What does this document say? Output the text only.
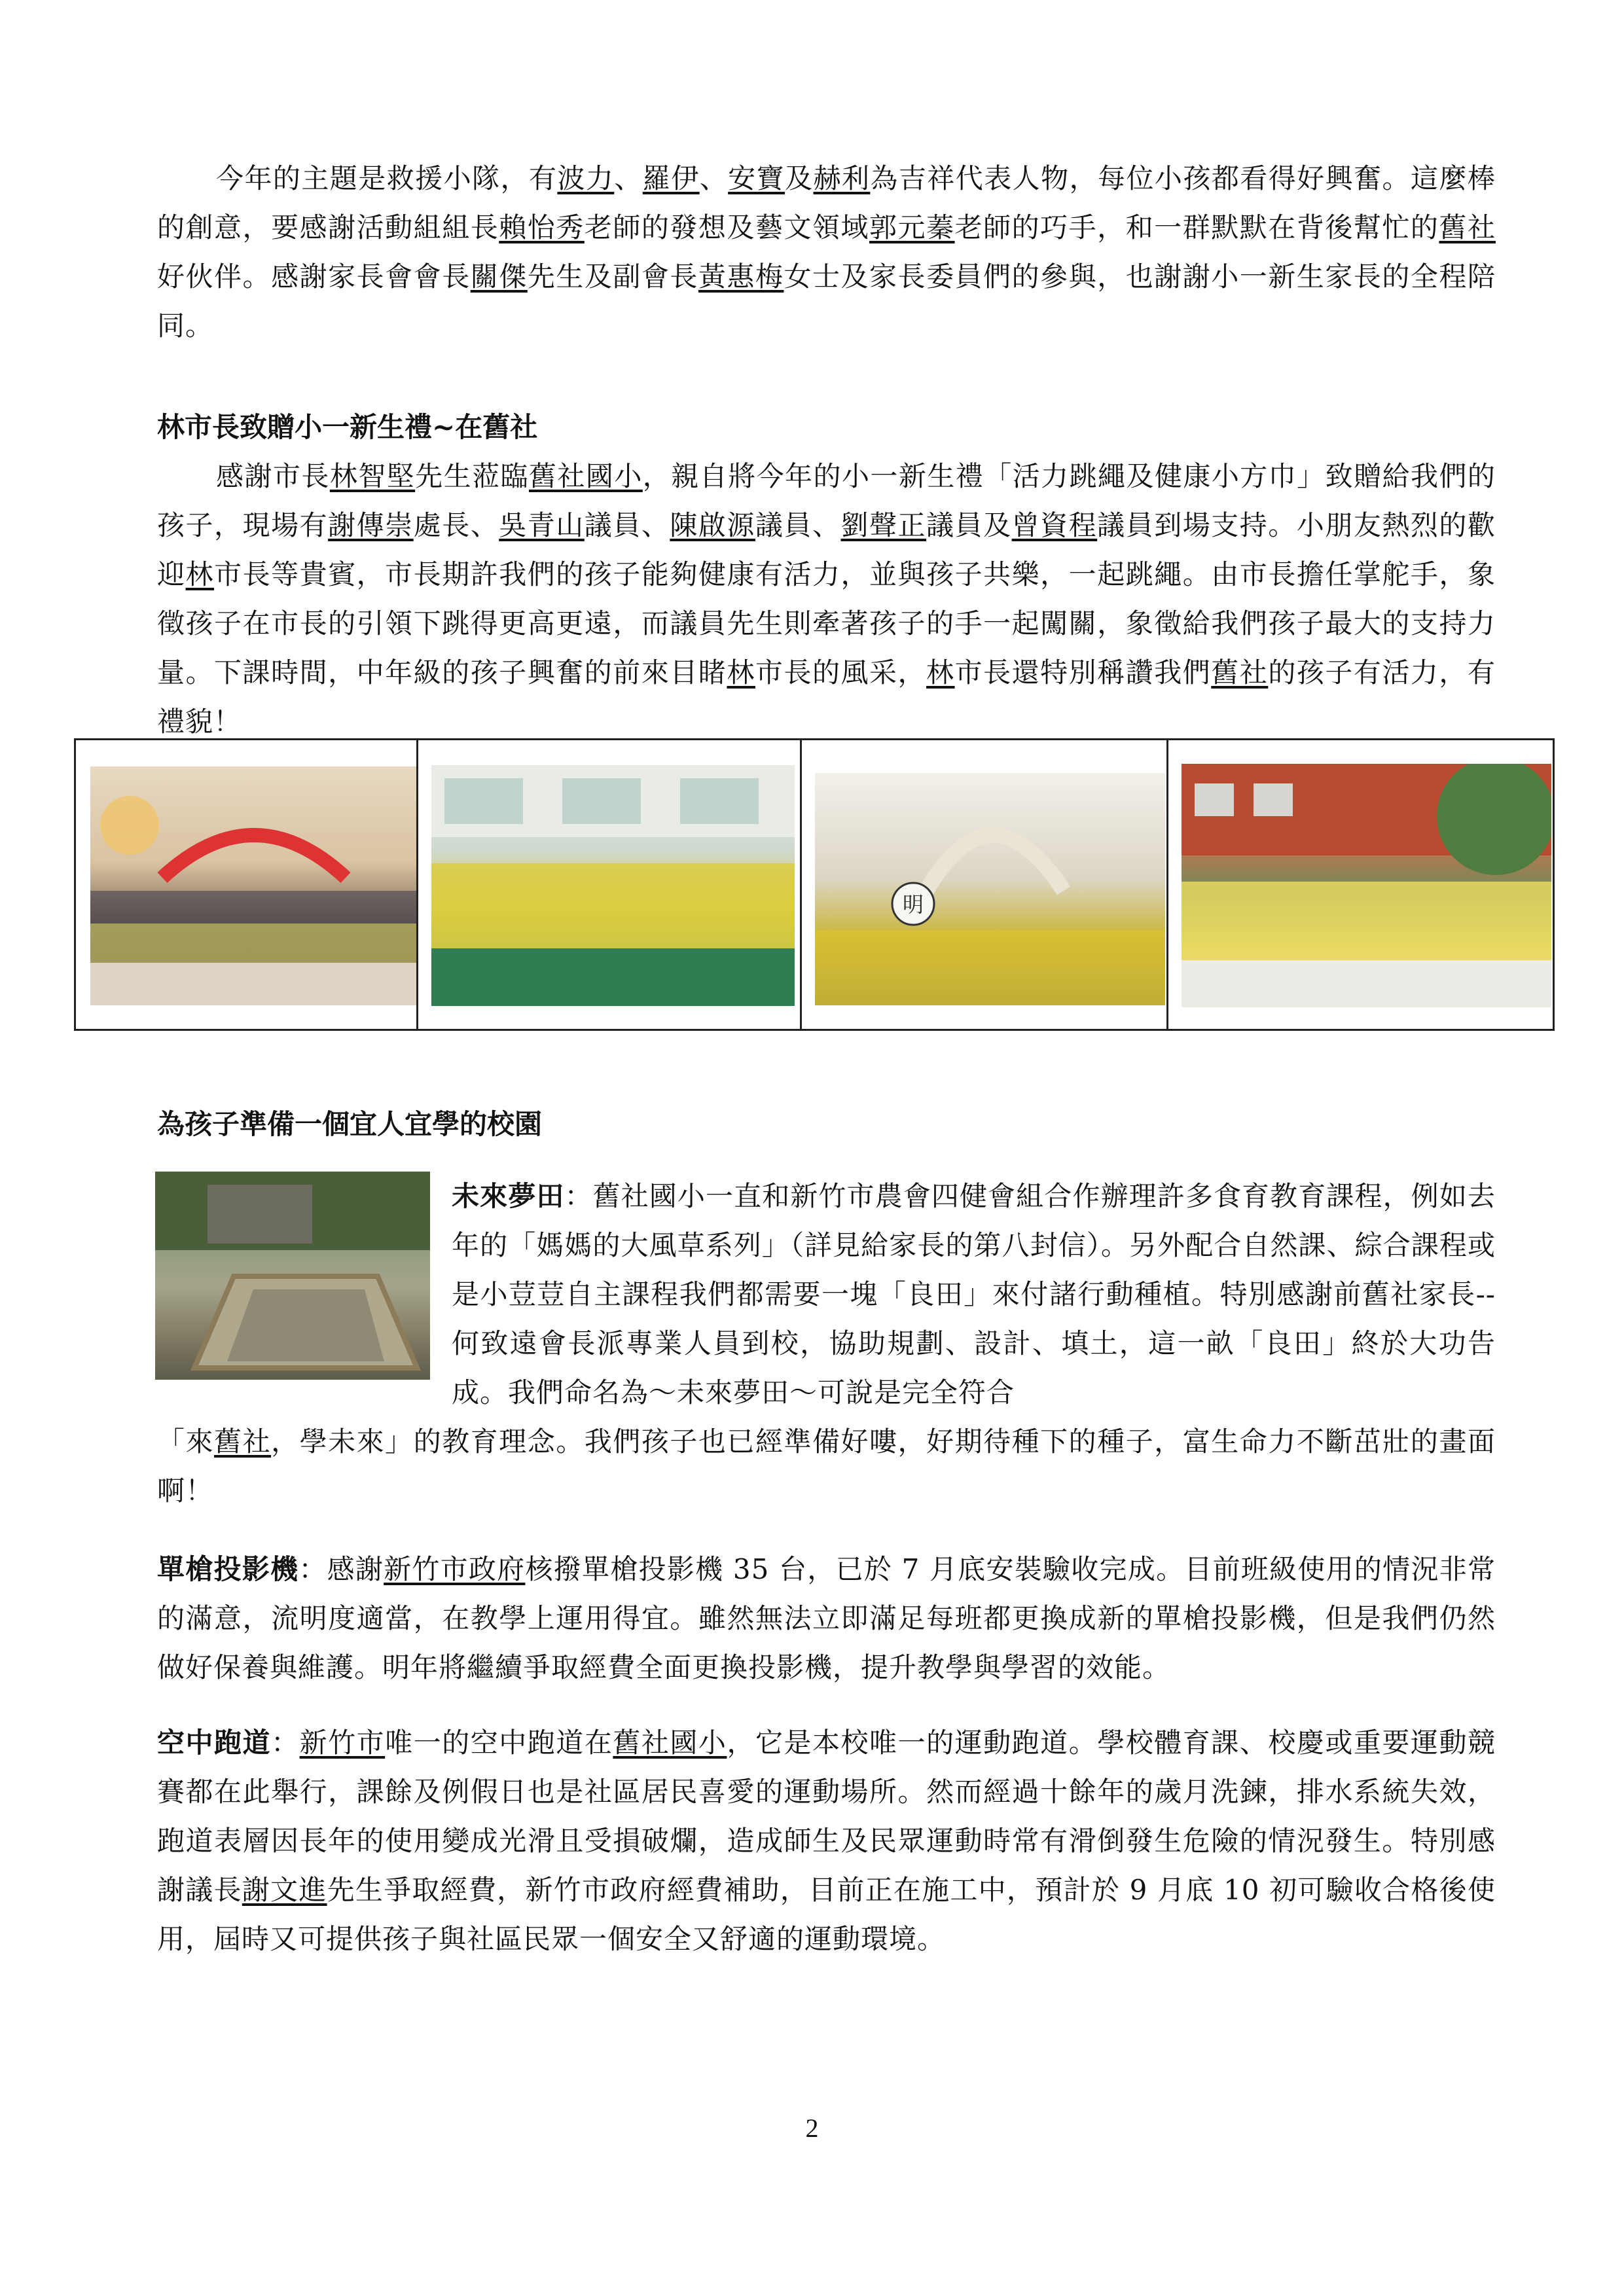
今年的主題是救援小隊，有波力、羅伊、安寶及赫利為吉祥代表人物，每位小孩都看得好興奮。這麼棒的創意，要感謝活動組組長賴怡秀老師的發想及藝文領域郭元蓁老師的巧手，和一群默默在背後幫忙的舊社好伙伴。感謝家長會會長關傑先生及副會長黃惠梅女士及家長委員們的參與，也謝謝小一新生家長的全程陪同。

林市長致贈小一新生禮~在舊社

感謝市長林智堅先生蒞臨舊社國小，親自將今年的小一新生禮「活力跳繩及健康小方巾」致贈給我們的孩子，現場有謝傳崇處長、吳青山議員、陳啟源議員、劉聲正議員及曾資程議員到場支持。小朋友熱烈的歡迎林市長等貴賓，市長期許我們的孩子能夠健康有活力，並與孩子共樂，一起跳繩。由市長擔任掌舵手，象徵孩子在市長的引領下跳得更高更遠，而議員先生則牽著孩子的手一起闖關，象徵給我們孩子最大的支持力量。下課時間，中年級的孩子興奮的前來目睹林市長的風采，林市長還特別稱讚我們舊社的孩子有活力，有禮貌！

明
為孩子準備一個宜人宜學的校園

未來夢田：舊社國小一直和新竹市農會四健會組合作辦理許多食育教育課程，例如去年的「媽媽的大風草系列」（詳見給家長的第八封信）。另外配合自然課、綜合課程或是小荳荳自主課程我們都需要一塊「良田」來付諸行動種植。特別感謝前舊社家長--何致遠會長派專業人員到校，協助規劃、設計、填土，這一畝「良田」終於大功告成。我們命名為～未來夢田～可說是完全符合

「來舊社，學未來」的教育理念。我們孩子也已經準備好嘍，好期待種下的種子，富生命力不斷茁壯的畫面啊！

單槍投影機：感謝新竹市政府核撥單槍投影機 35 台，已於 7 月底安裝驗收完成。目前班級使用的情況非常的滿意，流明度適當，在教學上運用得宜。雖然無法立即滿足每班都更換成新的單槍投影機，但是我們仍然做好保養與維護。明年將繼續爭取經費全面更換投影機，提升教學與學習的效能。

空中跑道：新竹市唯一的空中跑道在舊社國小，它是本校唯一的運動跑道。學校體育課、校慶或重要運動競賽都在此舉行，課餘及例假日也是社區居民喜愛的運動場所。然而經過十餘年的歲月洗鍊，排水系統失效，跑道表層因長年的使用變成光滑且受損破爛，造成師生及民眾運動時常有滑倒發生危險的情況發生。特別感謝議長謝文進先生爭取經費，新竹市政府經費補助，目前正在施工中，預計於 9 月底 10 初可驗收合格後使用，屆時又可提供孩子與社區民眾一個安全又舒適的運動環境。

2
